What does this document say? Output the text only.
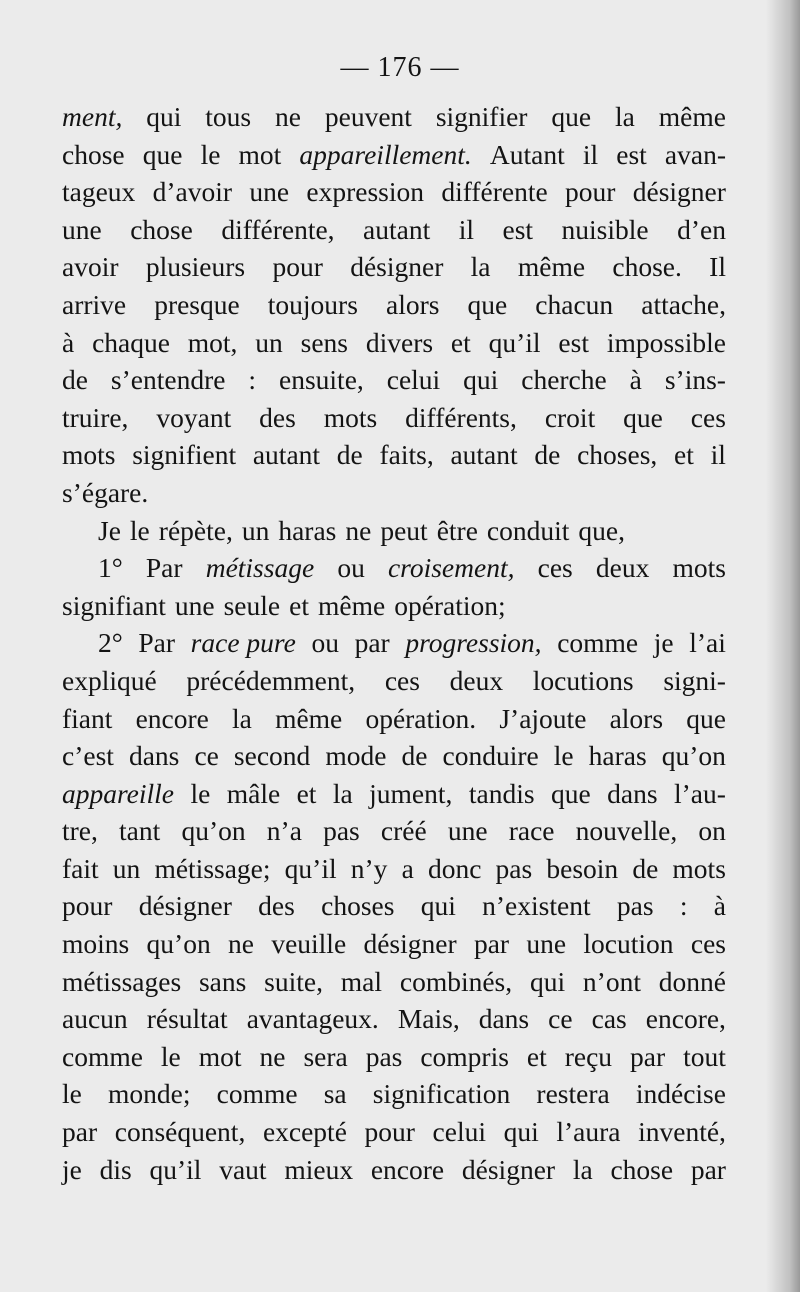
— 176 —
ment, qui tous ne peuvent signifier que la même
chose que le mot appareillement. Autant il est avan-
tageux d’avoir une expression différente pour désigner
une chose différente, autant il est nuisible d’en
avoir plusieurs pour désigner la même chose. Il
arrive presque toujours alors que chacun attache,
à chaque mot, un sens divers et qu’il est impossible
de s’entendre : ensuite, celui qui cherche à s’ins-
truire, voyant des mots différents, croit que ces
mots signifient autant de faits, autant de choses, et il
s’égare.
Je le répète, un haras ne peut être conduit que,
1° Par métissage ou croisement, ces deux mots
signifiant une seule et même opération;
2° Par race pure ou par progression, comme je l’ai
expliqué précédemment, ces deux locutions signi-
fiant encore la même opération. J’ajoute alors que
c’est dans ce second mode de conduire le haras qu’on
appareille le mâle et la jument, tandis que dans l’au-
tre, tant qu’on n’a pas créé une race nouvelle, on
fait un métissage; qu’il n’y a donc pas besoin de mots
pour désigner des choses qui n’existent pas : à
moins qu’on ne veuille désigner par une locution ces
métissages sans suite, mal combinés, qui n’ont donné
aucun résultat avantageux. Mais, dans ce cas encore,
comme le mot ne sera pas compris et reçu par tout
le monde; comme sa signification restera indécise
par conséquent, excepté pour celui qui l’aura inventé,
je dis qu’il vaut mieux encore désigner la chose par
